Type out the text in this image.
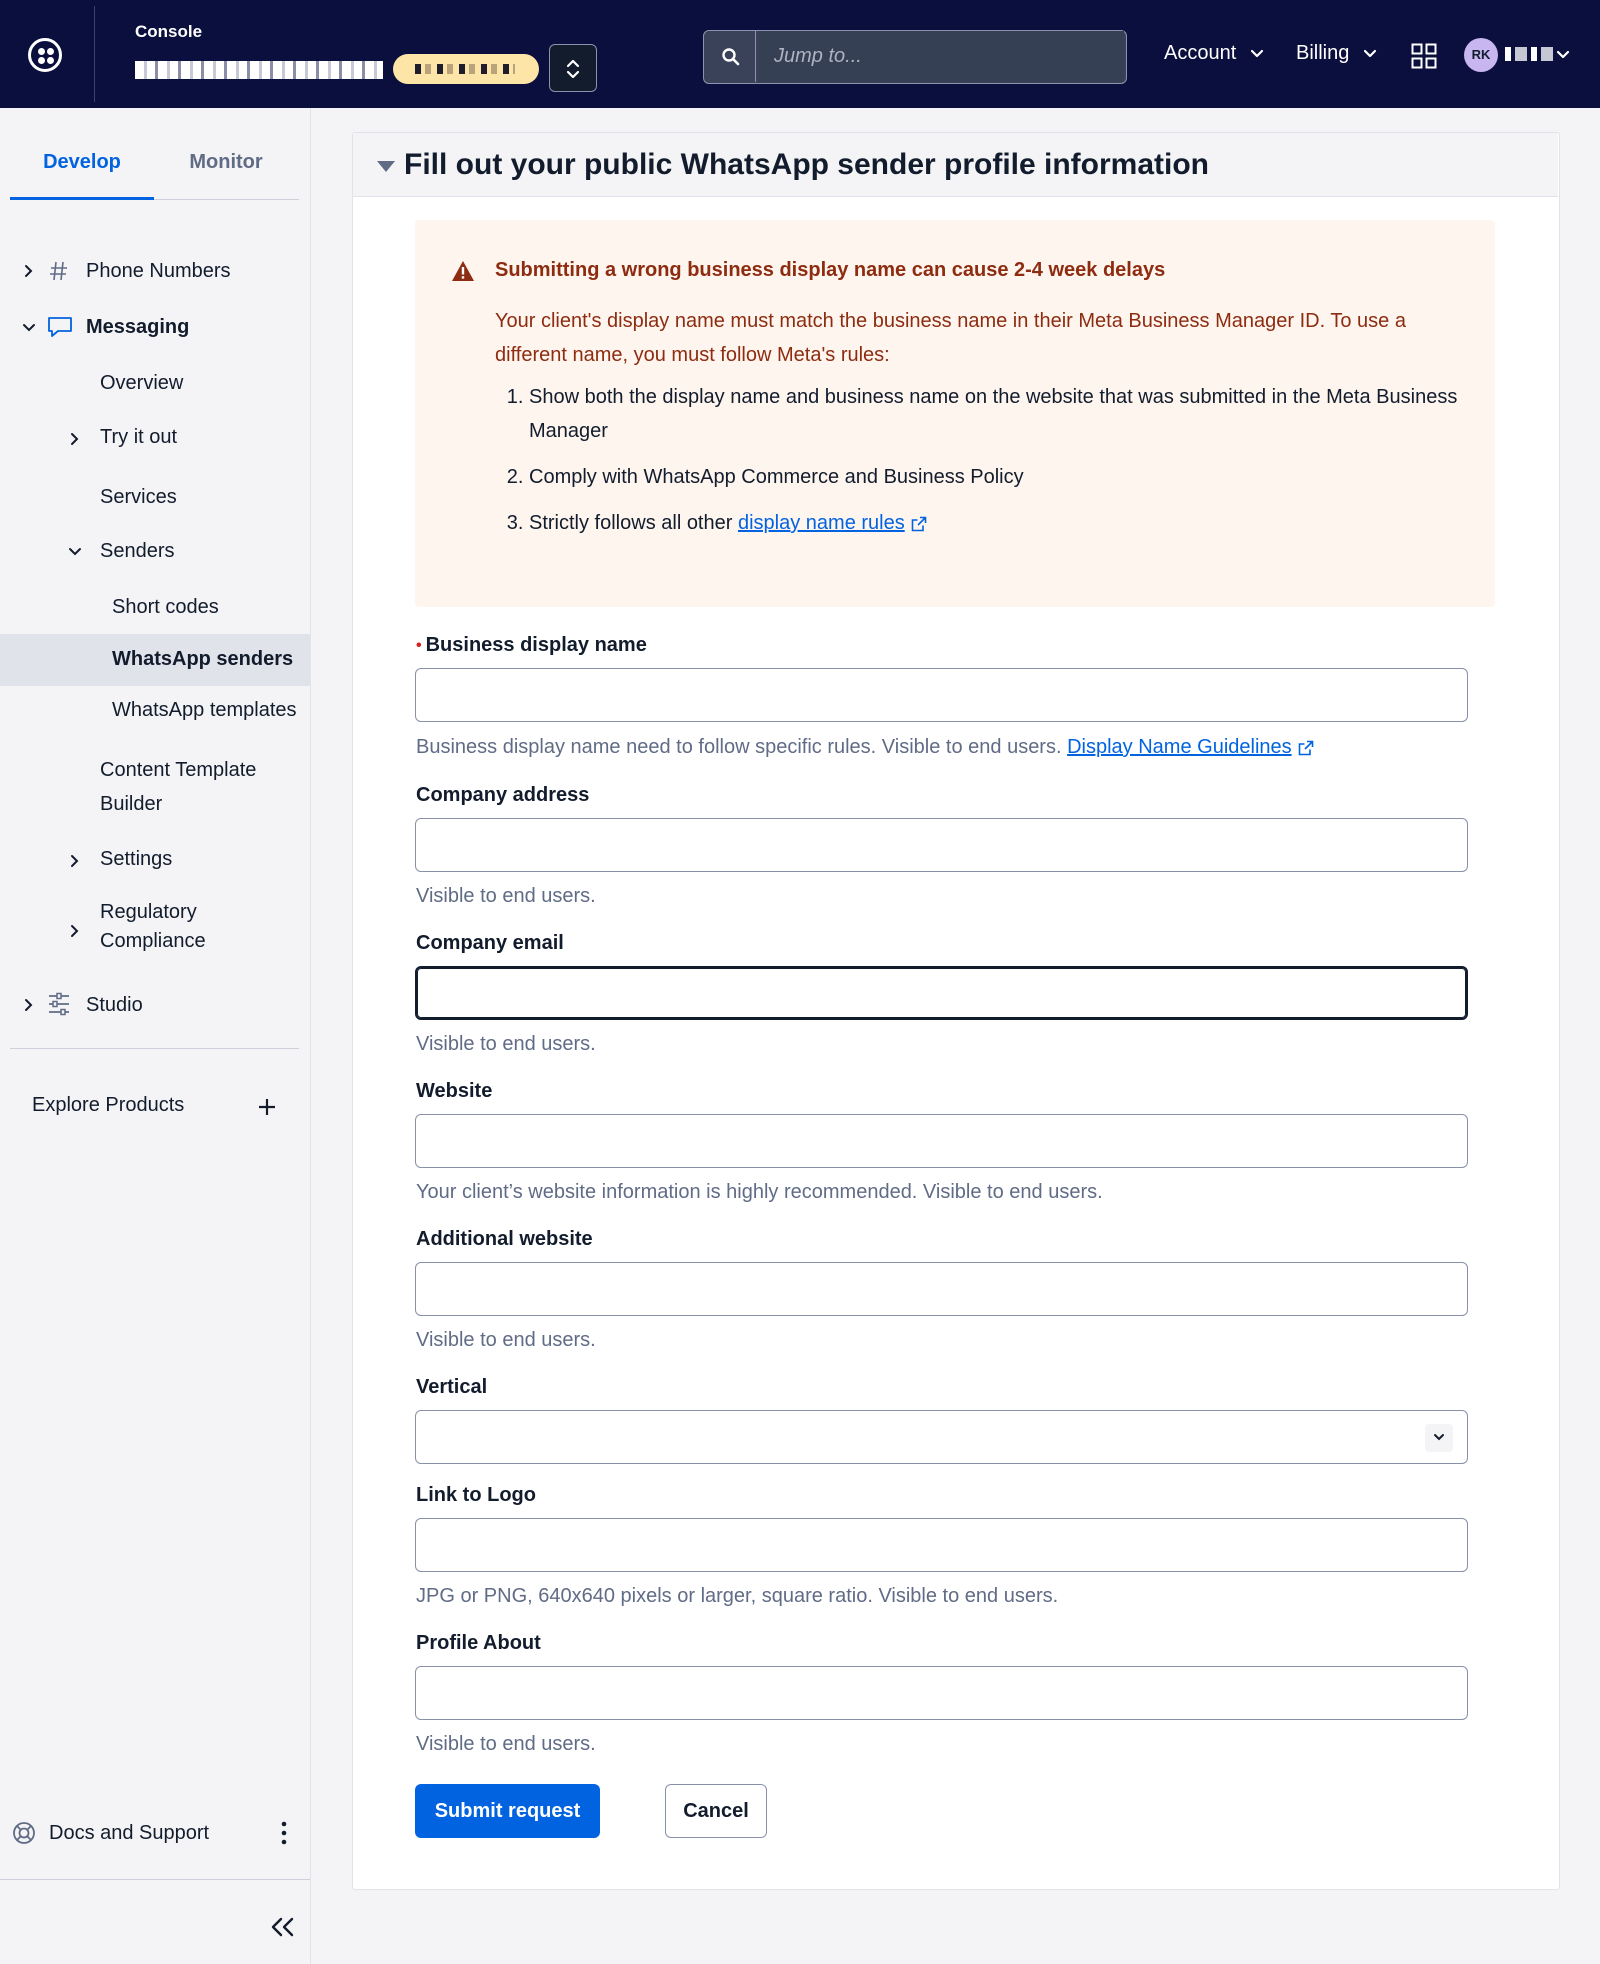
Console
Jump to...
Account	Billing	RK
Develop	Monitor
Phone Numbers
Messaging
Overview
Try it out
Services
Senders
Short codes
WhatsApp senders
WhatsApp templates
Content Template
Builder
Settings
Regulatory
Compliance
Studio
Explore Products
Docs and Support
Fill out your public WhatsApp sender profile information
Submitting a wrong business display name can cause 2-4 week delays
Your client's display name must match the business name in their Meta Business Manager ID. To use a different name, you must follow Meta's rules:
1. Show both the display name and business name on the website that was submitted in the Meta Business Manager
2. Comply with WhatsApp Commerce and Business Policy
3. Strictly follows all other display name rules
• Business display name
Business display name need to follow specific rules. Visible to end users. Display Name Guidelines
Company address
Visible to end users.
Company email
Visible to end users.
Website
Your client’s website information is highly recommended. Visible to end users.
Additional website
Visible to end users.
Vertical
Link to Logo
JPG or PNG, 640x640 pixels or larger, square ratio. Visible to end users.
Profile About
Visible to end users.
Submit request	Cancel
